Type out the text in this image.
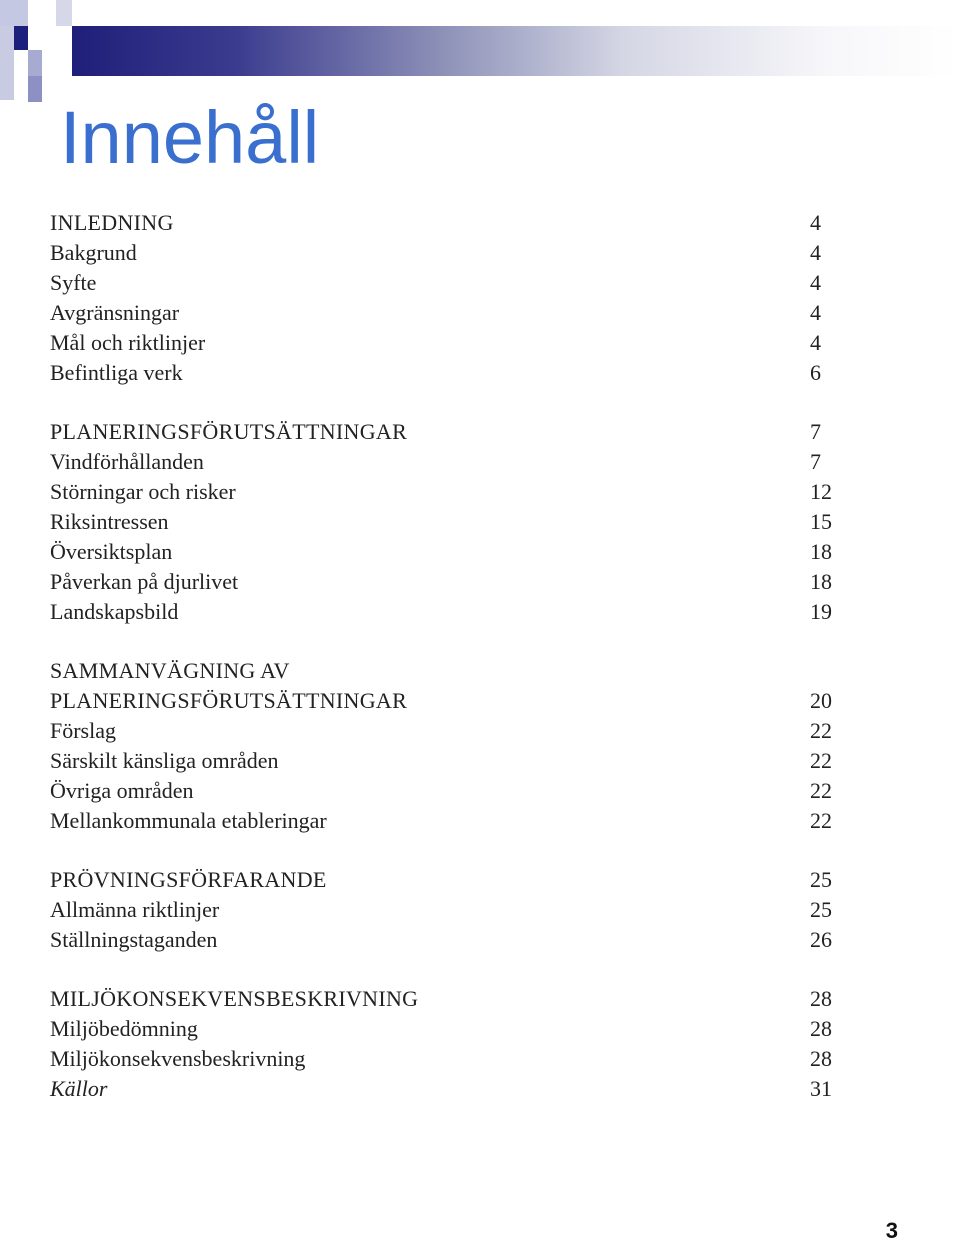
Innehåll
INLEDNING	4
Bakgrund	4
Syfte	4
Avgränsningar	4
Mål och riktlinjer	4
Befintliga verk	6
PLANERINGSFÖRUTSÄTTNINGAR	7
Vindförhållanden	7
Störningar och risker	12
Riksintressen	15
Översiktsplan	18
Påverkan på djurlivet	18
Landskapsbild	19
SAMMANVÄGNING AV
PLANERINGSFÖRUTSÄTTNINGAR	20
Förslag	22
Särskilt känsliga områden	22
Övriga områden	22
Mellankommunala etableringar	22
PRÖVNINGSFÖRFARANDE	25
Allmänna riktlinjer	25
Ställningstaganden	26
MILJÖKONSEKVENSBESKRIVNING	28
Miljöbedömning	28
Miljökonsekvensbeskrivning	28
Källor	31
3
